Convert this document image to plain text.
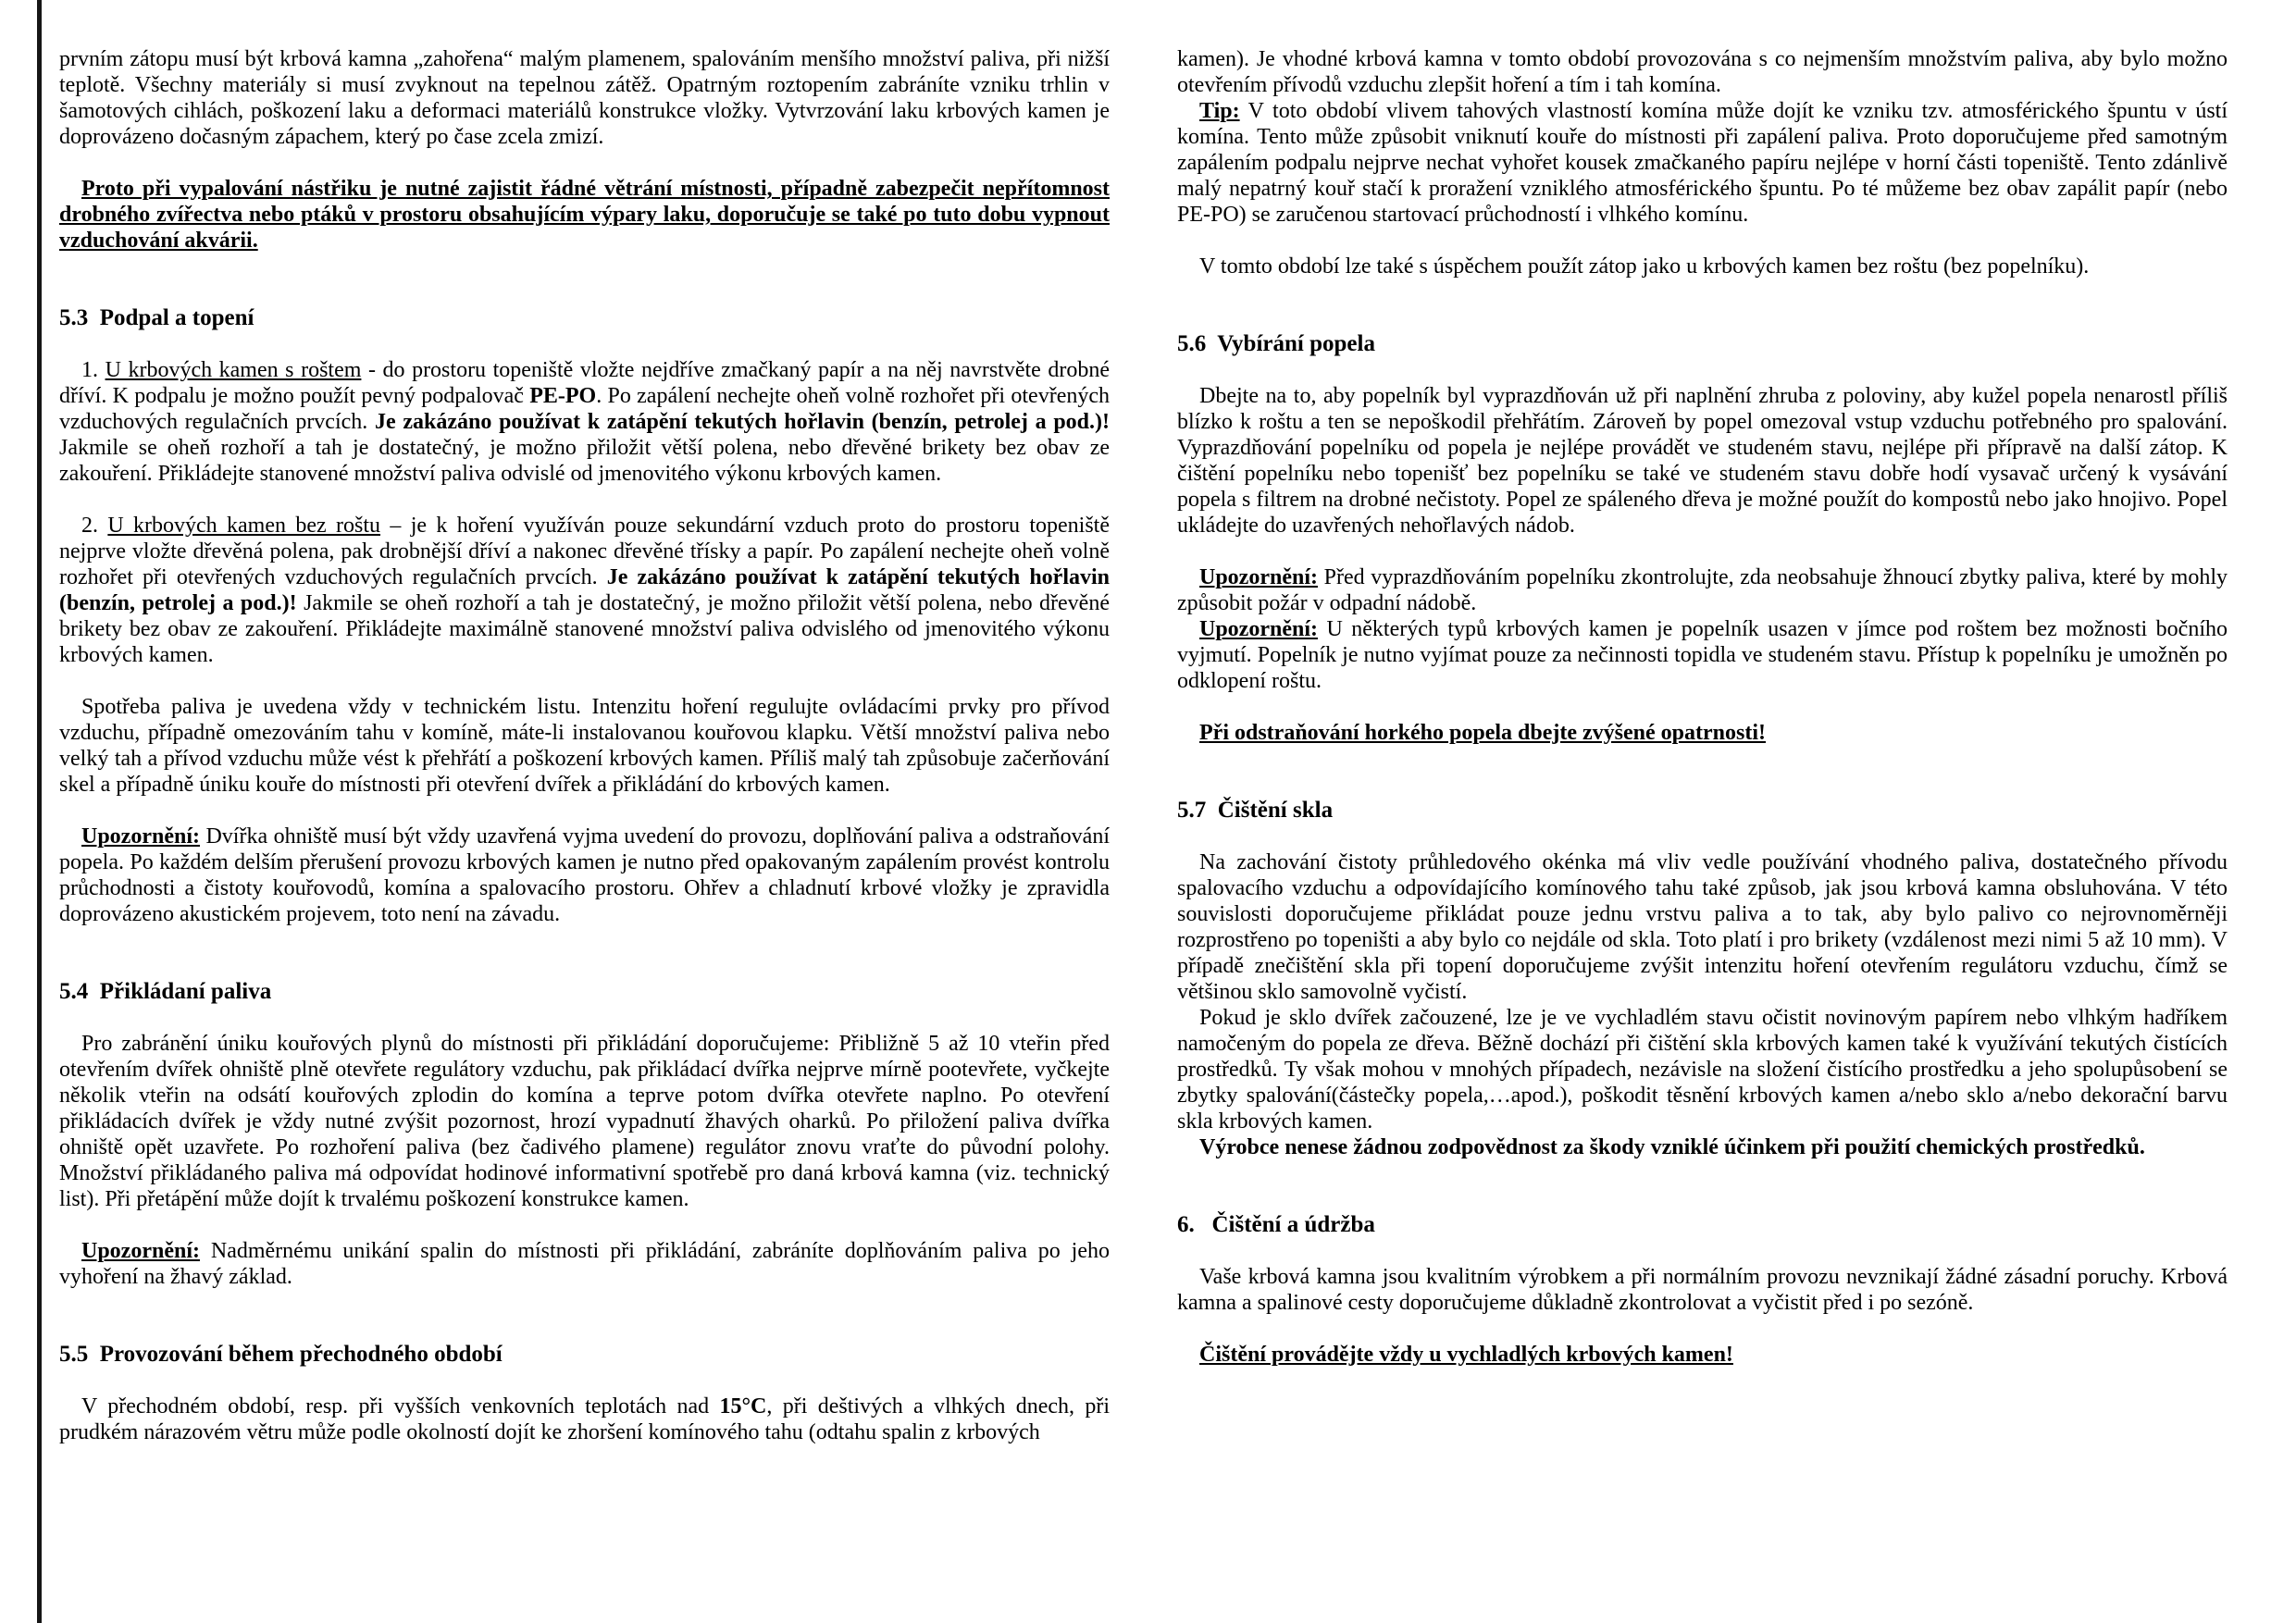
prvním zátopu musí být krbová kamna „zahořena“ malým plamenem, spalováním menšího množství paliva, při nižší teplotě. Všechny materiály si musí zvyknout na tepelnou zátěž. Opatrným roztopením zabráníte vzniku trhlin v šamotových cihlách, poškození laku a deformaci materiálů konstrukce vložky. Vytvrzování laku krbových kamen je doprovázeno dočasným zápachem, který po čase zcela zmizí.
Proto při vypalování nástřiku je nutné zajistit řádné větrání místnosti, případně zabezpečit nepřítomnost drobného zvířectva nebo ptáků v prostoru obsahujícím výpary laku, doporučuje se také po tuto dobu vypnout vzduchování akvárii.
5.3  Podpal a topení
1. U krbových kamen s roštem - do prostoru topeniště vložte nejdříve zmačkaný papír a na něj navrstvěte drobné dříví. K podpalu je možno použít pevný podpalovač PE-PO. Po zapálení nechejte oheň volně rozhořet při otevřených vzduchových regulačních prvcích. Je zakázáno používat k zatápění tekutých hořlavin (benzín, petrolej a pod.)! Jakmile se oheň rozhoří a tah je dostatečný, je možno přiložit větší polena, nebo dřevěné brikety bez obav ze zakouření. Přikládejte stanovené množství paliva odvislé od jmenovitého výkonu krbových kamen.
2. U krbových kamen bez roštu – je k hoření využíván pouze sekundární vzduch proto do prostoru topeniště nejprve vložte dřevěná polena, pak drobnější dříví a nakonec dřevěné třísky a papír. Po zapálení nechejte oheň volně rozhořet při otevřených vzduchových regulačních prvcích. Je zakázáno používat k zatápění tekutých hořlavin (benzín, petrolej a pod.)! Jakmile se oheň rozhoří a tah je dostatečný, je možno přiložit větší polena, nebo dřevěné brikety bez obav ze zakouření. Přikládejte maximálně stanovené množství paliva odvislého od jmenovitého výkonu krbových kamen.
Spotřeba paliva je uvedena vždy v technickém listu. Intenzitu hoření regulujte ovládacími prvky pro přívod vzduchu, případně omezováním tahu v komíně, máte-li instalovanou kouřovou klapku. Větší množství paliva nebo velký tah a přívod vzduchu může vést k přehřátí a poškození krbových kamen. Příliš malý tah způsobuje začerňování skel a případně úniku kouře do místnosti při otevření dvířek a přikládání do krbových kamen.
Upozornění: Dvířka ohniště musí být vždy uzavřená vyjma uvedení do provozu, doplňování paliva a odstraňování popela. Po každém delším přerušení provozu krbových kamen je nutno před opakovaným zapálením provést kontrolu průchodnosti a čistoty kouřovodů, komína a spalovacího prostoru. Ohřev a chladnutí krbové vložky je zpravidla doprovázeno akustickém projevem, toto není na závadu.
5.4  Přikládaní paliva
Pro zabránění úniku kouřových plynů do místnosti při přikládání doporučujeme: Přibližně 5 až 10 vteřin před otevřením dvířek ohniště plně otevřete regulátory vzduchu, pak přikládací dvířka nejprve mírně pootevřete, vyčkejte několik vteřin na odsátí kouřových zplodin do komína a teprve potom dvířka otevřete naplno. Po otevření přikládacích dvířek je vždy nutné zvýšit pozornost, hrozí vypadnutí žhavých oharků. Po přiložení paliva dvířka ohniště opět uzavřete. Po rozhoření paliva (bez čadivého plamene) regulátor znovu vraťte do původní polohy. Množství přikládaného paliva má odpovídat hodinové informativní spotřebě pro daná krbová kamna (viz. technický list). Při přetápění může dojít k trvalému poškození konstrukce kamen.
Upozornění: Nadměrnému unikání spalin do místnosti při přikládání, zabráníte doplňováním paliva po jeho vyhoření na žhavý základ.
5.5  Provozování během přechodného období
V přechodném období, resp. při vyšších venkovních teplotách nad 15°C, při deštivých a vlhkých dnech, při prudkém nárazovém větru může podle okolností dojít ke zhoršení komínového tahu (odtahu spalin z krbových
kamen). Je vhodné krbová kamna v tomto období provozována s co nejmenším množstvím paliva, aby bylo možno otevřením přívodů vzduchu zlepšit hoření a tím i tah komína.
Tip: V toto období vlivem tahových vlastností komína může dojít ke vzniku tzv. atmosférického špuntu v ústí komína. Tento může způsobit vniknutí kouře do místnosti při zapálení paliva. Proto doporučujeme před samotným zapálením podpalu nejprve nechat vyhořet kousek zmačkaného papíru nejlépe v horní části topeniště. Tento zdánlivě malý nepatrný kouř stačí k proražení vzniklého atmosférického špuntu. Po té můžeme bez obav zapálit papír (nebo PE-PO) se zaručenou startovací průchodností i vlhkého komínu.
V tomto období lze také s úspěchem použít zátop jako u krbových kamen bez roštu (bez popelníku).
5.6  Vybírání popela
Dbejte na to, aby popelník byl vyprazdňován už při naplnění zhruba z poloviny, aby kužel popela nenarostl příliš blízko k roštu a ten se nepoškodil přehřátím. Zároveň by popel omezoval vstup vzduchu potřebného pro spalování. Vyprazdňování popelníku od popela je nejlépe provádět ve studeném stavu, nejlépe při přípravě na další zátop. K čištění popelníku nebo topenišť bez popelníku se také ve studeném stavu dobře hodí vysavač určený k vysávání popela s filtrem na drobné nečistoty. Popel ze spáleného dřeva je možné použít do kompostů nebo jako hnojivo. Popel ukládejte do uzavřených nehořlavých nádob.
Upozornění: Před vyprazdňováním popelníku zkontrolujte, zda neobsahuje žhnoucí zbytky paliva, které by mohly způsobit požár v odpadní nádobě.
Upozornění: U některých typů krbových kamen je popelník usazen v jímce pod roštem bez možnosti bočního vyjmutí. Popelník je nutno vyjímat pouze za nečinnosti topidla ve studeném stavu. Přístup k popelníku je umožněn po odklopení roštu.
Při odstraňování horkého popela dbejte zvýšené opatrnosti!
5.7  Čištění skla
Na zachování čistoty průhledového okénka má vliv vedle používání vhodného paliva, dostatečného přívodu spalovacího vzduchu a odpovídajícího komínového tahu také způsob, jak jsou krbová kamna obsluhována. V této souvislosti doporučujeme přikládat pouze jednu vrstvu paliva a to tak, aby bylo palivo co nejrovnoměrněji rozprostřeno po topeništi a aby bylo co nejdále od skla. Toto platí i pro brikety (vzdálenost mezi nimi 5 až 10 mm). V případě znečištění skla při topení doporučujeme zvýšit intenzitu hoření otevřením regulátoru vzduchu, čímž se většinou sklo samovolně vyčistí.
Pokud je sklo dvířek začouzené, lze je ve vychladlém stavu očistit novinovým papírem nebo vlhkým hadříkem namočeným do popela ze dřeva. Běžně dochází při čištění skla krbových kamen také k využívání tekutých čistících prostředků. Ty však mohou v mnohých případech, nezávisle na složení čistícího prostředku a jeho spolupůsobení se zbytky spalování(částečky popela,…apod.), poškodit těsnění krbových kamen a/nebo sklo a/nebo dekorační barvu skla krbových kamen.
Výrobce nenese žádnou zodpovědnost za škody vzniklé účinkem při použití chemických prostředků.
6.   Čištění a údržba
Vaše krbová kamna jsou kvalitním výrobkem a při normálním provozu nevznikají žádné zásadní poruchy. Krbová kamna a spalinové cesty doporučujeme důkladně zkontrolovat a vyčistit před i po sezóně.
Čištění provádějte vždy u vychladlých krbových kamen!
